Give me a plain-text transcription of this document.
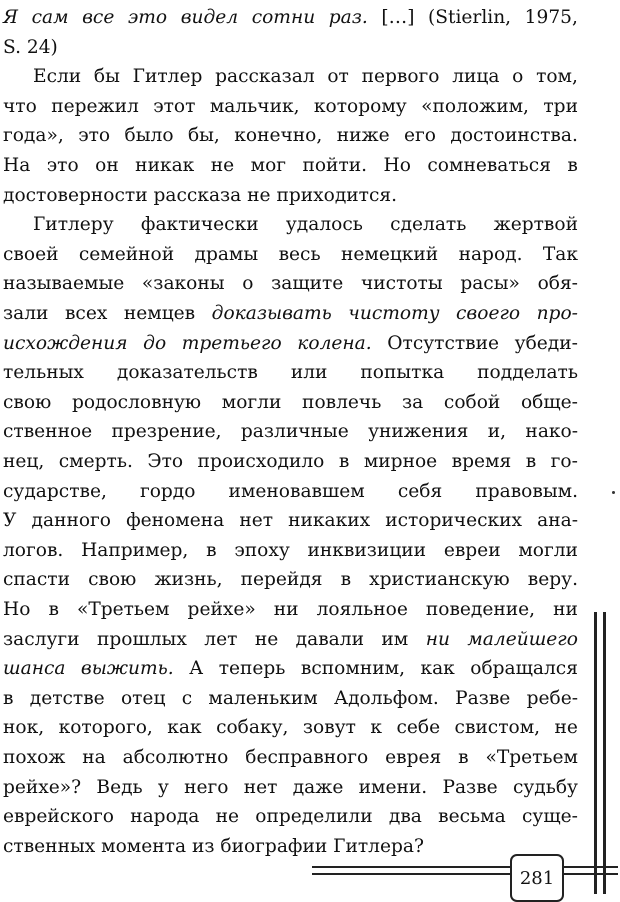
Я сам все это видел сотни раз. […] (Stierlin, 1975,
S. 24)
Если бы Гитлер рассказал от первого лица о том,
что пережил этот мальчик, которому «положим, три
года», это было бы, конечно, ниже его достоинства.
На это он никак не мог пойти. Но сомневаться в
достоверности рассказа не приходится.
Гитлеру фактически удалось сделать жертвой
своей семейной драмы весь немецкий народ. Так
называемые «законы о защите чистоты расы» обя-
зали всех немцев доказывать чистоту своего про-
исхождения до третьего колена. Отсутствие убеди-
тельных доказательств или попытка подделать
свою родословную могли повлечь за собой обще-
ственное презрение, различные унижения и, нако-
нец, смерть. Это происходило в мирное время в го-
сударстве, гордо именовавшем себя правовым.
У данного феномена нет никаких исторических ана-
логов. Например, в эпоху инквизиции евреи могли
спасти свою жизнь, перейдя в христианскую веру.
Но в «Третьем рейхе» ни лояльное поведение, ни
заслуги прошлых лет не давали им ни малейшего
шанса выжить. А теперь вспомним, как обращался
в детстве отец с маленьким Адольфом. Разве ребе-
нок, которого, как собаку, зовут к себе свистом, не
похож на абсолютно бесправного еврея в «Третьем
рейхе»? Ведь у него нет даже имени. Разве судьбу
еврейского народа не определили два весьма суще-
ственных момента из биографии Гитлера?
281
